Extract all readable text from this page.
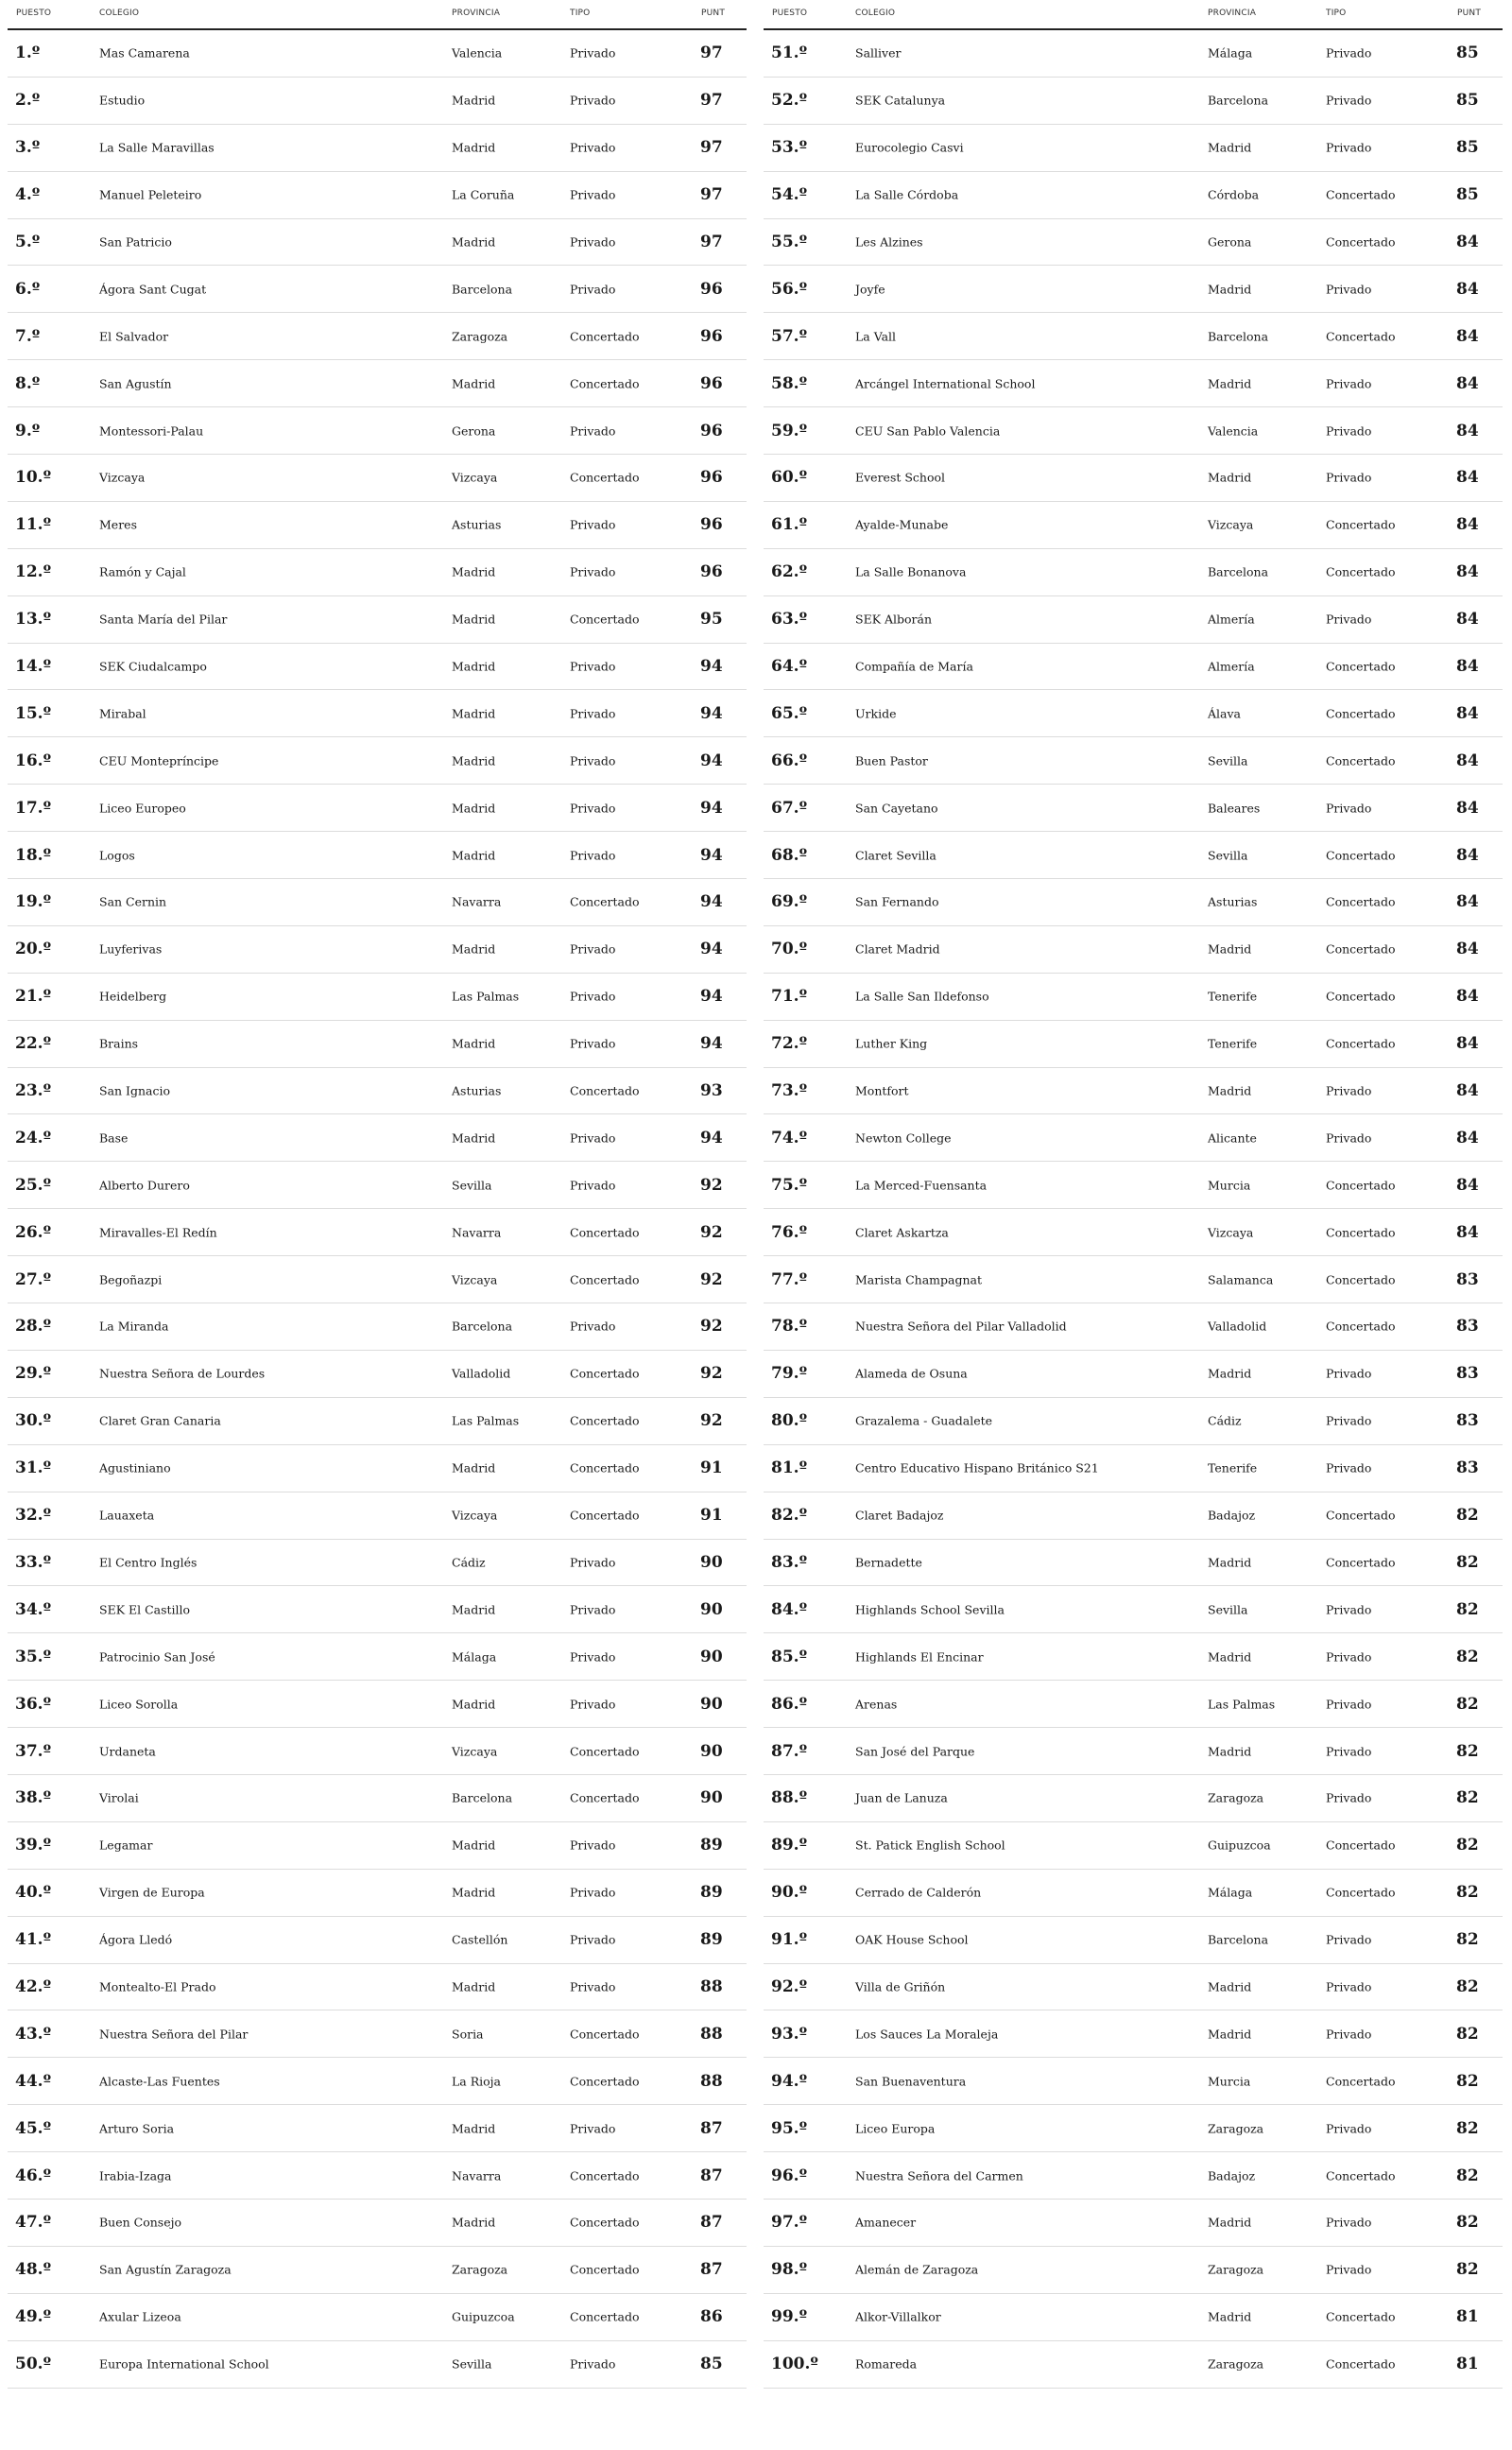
PUESTO	COLEGIO	PROVINCIA	TIPO	PUNT
1.º	Mas Camarena	Valencia	Privado	97
2.º	Estudio	Madrid	Privado	97
3.º	La Salle Maravillas	Madrid	Privado	97
4.º	Manuel Peleteiro	La Coruña	Privado	97
5.º	San Patricio	Madrid	Privado	97
6.º	Ágora Sant Cugat	Barcelona	Privado	96
7.º	El Salvador	Zaragoza	Concertado	96
8.º	San Agustín	Madrid	Concertado	96
9.º	Montessori-Palau	Gerona	Privado	96
10.º	Vizcaya	Vizcaya	Concertado	96
11.º	Meres	Asturias	Privado	96
12.º	Ramón y Cajal	Madrid	Privado	96
13.º	Santa María del Pilar	Madrid	Concertado	95
14.º	SEK Ciudalcampo	Madrid	Privado	94
15.º	Mirabal	Madrid	Privado	94
16.º	CEU Montepríncipe	Madrid	Privado	94
17.º	Liceo Europeo	Madrid	Privado	94
18.º	Logos	Madrid	Privado	94
19.º	San Cernin	Navarra	Concertado	94
20.º	Luyferivas	Madrid	Privado	94
21.º	Heidelberg	Las Palmas	Privado	94
22.º	Brains	Madrid	Privado	94
23.º	San Ignacio	Asturias	Concertado	93
24.º	Base	Madrid	Privado	94
25.º	Alberto Durero	Sevilla	Privado	92
26.º	Miravalles-El Redín	Navarra	Concertado	92
27.º	Begoñazpi	Vizcaya	Concertado	92
28.º	La Miranda	Barcelona	Privado	92
29.º	Nuestra Señora de Lourdes	Valladolid	Concertado	92
30.º	Claret Gran Canaria	Las Palmas	Concertado	92
31.º	Agustiniano	Madrid	Concertado	91
32.º	Lauaxeta	Vizcaya	Concertado	91
33.º	El Centro Inglés	Cádiz	Privado	90
34.º	SEK El Castillo	Madrid	Privado	90
35.º	Patrocinio San José	Málaga	Privado	90
36.º	Liceo Sorolla	Madrid	Privado	90
37.º	Urdaneta	Vizcaya	Concertado	90
38.º	Virolai	Barcelona	Concertado	90
39.º	Legamar	Madrid	Privado	89
40.º	Virgen de Europa	Madrid	Privado	89
41.º	Ágora Lledó	Castellón	Privado	89
42.º	Montealto-El Prado	Madrid	Privado	88
43.º	Nuestra Señora del Pilar	Soria	Concertado	88
44.º	Alcaste-Las Fuentes	La Rioja	Concertado	88
45.º	Arturo Soria	Madrid	Privado	87
46.º	Irabia-Izaga	Navarra	Concertado	87
47.º	Buen Consejo	Madrid	Concertado	87
48.º	San Agustín Zaragoza	Zaragoza	Concertado	87
49.º	Axular Lizeoa	Guipuzcoa	Concertado	86
50.º	Europa International School	Sevilla	Privado	85
PUESTO	COLEGIO	PROVINCIA	TIPO	PUNT
51.º	Salliver	Málaga	Privado	85
52.º	SEK Catalunya	Barcelona	Privado	85
53.º	Eurocolegio Casvi	Madrid	Privado	85
54.º	La Salle Córdoba	Córdoba	Concertado	85
55.º	Les Alzines	Gerona	Concertado	84
56.º	Joyfe	Madrid	Privado	84
57.º	La Vall	Barcelona	Concertado	84
58.º	Arcángel International School	Madrid	Privado	84
59.º	CEU San Pablo Valencia	Valencia	Privado	84
60.º	Everest School	Madrid	Privado	84
61.º	Ayalde-Munabe	Vizcaya	Concertado	84
62.º	La Salle Bonanova	Barcelona	Concertado	84
63.º	SEK Alborán	Almería	Privado	84
64.º	Compañía de María	Almería	Concertado	84
65.º	Urkide	Álava	Concertado	84
66.º	Buen Pastor	Sevilla	Concertado	84
67.º	San Cayetano	Baleares	Privado	84
68.º	Claret Sevilla	Sevilla	Concertado	84
69.º	San Fernando	Asturias	Concertado	84
70.º	Claret Madrid	Madrid	Concertado	84
71.º	La Salle San Ildefonso	Tenerife	Concertado	84
72.º	Luther King	Tenerife	Concertado	84
73.º	Montfort	Madrid	Privado	84
74.º	Newton College	Alicante	Privado	84
75.º	La Merced-Fuensanta	Murcia	Concertado	84
76.º	Claret Askartza	Vizcaya	Concertado	84
77.º	Marista Champagnat	Salamanca	Concertado	83
78.º	Nuestra Señora del Pilar Valladolid	Valladolid	Concertado	83
79.º	Alameda de Osuna	Madrid	Privado	83
80.º	Grazalema - Guadalete	Cádiz	Privado	83
81.º	Centro Educativo Hispano Británico S21	Tenerife	Privado	83
82.º	Claret Badajoz	Badajoz	Concertado	82
83.º	Bernadette	Madrid	Concertado	82
84.º	Highlands School Sevilla	Sevilla	Privado	82
85.º	Highlands El Encinar	Madrid	Privado	82
86.º	Arenas	Las Palmas	Privado	82
87.º	San José del Parque	Madrid	Privado	82
88.º	Juan de Lanuza	Zaragoza	Privado	82
89.º	St. Patick English School	Guipuzcoa	Concertado	82
90.º	Cerrado de Calderón	Málaga	Concertado	82
91.º	OAK House School	Barcelona	Privado	82
92.º	Villa de Griñón	Madrid	Privado	82
93.º	Los Sauces La Moraleja	Madrid	Privado	82
94.º	San Buenaventura	Murcia	Concertado	82
95.º	Liceo Europa	Zaragoza	Privado	82
96.º	Nuestra Señora del Carmen	Badajoz	Concertado	82
97.º	Amanecer	Madrid	Privado	82
98.º	Alemán de Zaragoza	Zaragoza	Privado	82
99.º	Alkor-Villalkor	Madrid	Concertado	81
100.º	Romareda	Zaragoza	Concertado	81
